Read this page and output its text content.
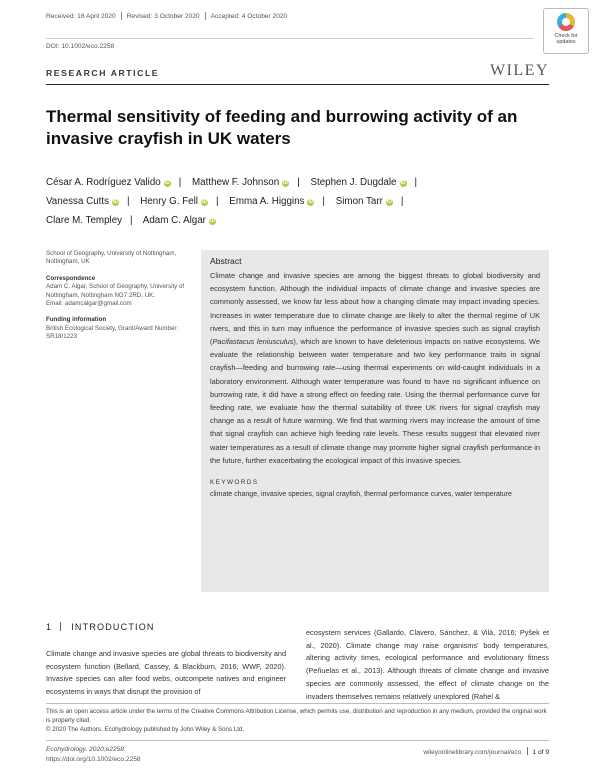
Received: 16 April 2020 Revised: 3 October 2020 Accepted: 4 October 2020
DOI: 10.1002/eco.2258
Check for
updates
RESEARCH ARTICLE	WILEY
Thermal sensitivity of feeding and burrowing activity of an
invasive crayfish in UK waters
César A. Rodríguez Valido iD | Matthew F. Johnson iD | Stephen J. Dugdale iD |
Vanessa Cutts iD | Henry G. Fell iD | Emma A. Higgins iD | Simon Tarr iD |
Clare M. Templey | Adam C. Algar iD

School of Geography, University of Nottingham, Nottingham, UK

Correspondence

Adam C. Algar, School of Geography, University of Nottingham, Nottingham NG7 2RD, UK.

Email: adamcalgar@gmail.com

Funding information

British Ecological Society, Grant/Award Number: SR18/1223

Abstract

Climate change and invasive species are among the biggest threats to global biodiversity and ecosystem function. Although the individual impacts of climate change and invasive species are commonly assessed, we know far less about how a changing climate may impact invading species. Increases in water temperature due to climate change are likely to alter the thermal regime of UK rivers, and this in turn may influence the performance of invasive species such as signal crayfish (Pacifastacus leniusculus), which are known to have deleterious impacts on native ecosystems. We evaluate the relationship between water temperature and two key performance traits in signal crayfish—feeding and burrowing rate—using thermal experiments on wild-caught individuals in a laboratory environment. Although water temperature was found to have no significant influence on burrowing rate, it did have a strong effect on feeding rate. Using the thermal performance curve for feeding rate, we evaluate how the thermal suitability of three UK rivers for signal crayfish may change as a result of future warming. We find that warming rivers may increase the amount of time that signal crayfish can achieve high feeding rate levels. These results suggest that elevated river water temperatures as a result of climate change may promote higher signal crayfish performance in the future, further exacerbating the ecological impact of this invasive species.

KEYWORDS
climate change, invasive species, signal crayfish, thermal performance curves, water temperature
1 INTRODUCTION

Climate change and invasive species are global threats to biodiversity and ecosystem function (Bellard, Cassey, & Blackburn, 2016; WWF, 2020). Invasive species can alter food webs, outcompete natives and engineer ecosystems in ways that disrupt the provision of

ecosystem services (Gallardo, Clavero, Sánchez, & Vilà, 2016; Pyšek et al., 2020). Climate change may raise organisms' body temperatures, altering activity times, ecological performance and evolutionary fitness (Peñuelas et al., 2013). Although threats of climate change and invasive species are commonly assessed, the effect of climate change on the invaders themselves remains relatively unexplored (Rahel &

This is an open access article under the terms of the Creative Commons Attribution License, which permits use, distribution and reproduction in any medium, provided the original work is properly cited.
© 2020 The Authors. Ecohydrology published by John Wiley & Sons Ltd.
Ecohydrology. 2020;e2258.
https://doi.org/10.1002/eco.2258
wileyonlinelibrary.com/journal/eco 1 of 9
